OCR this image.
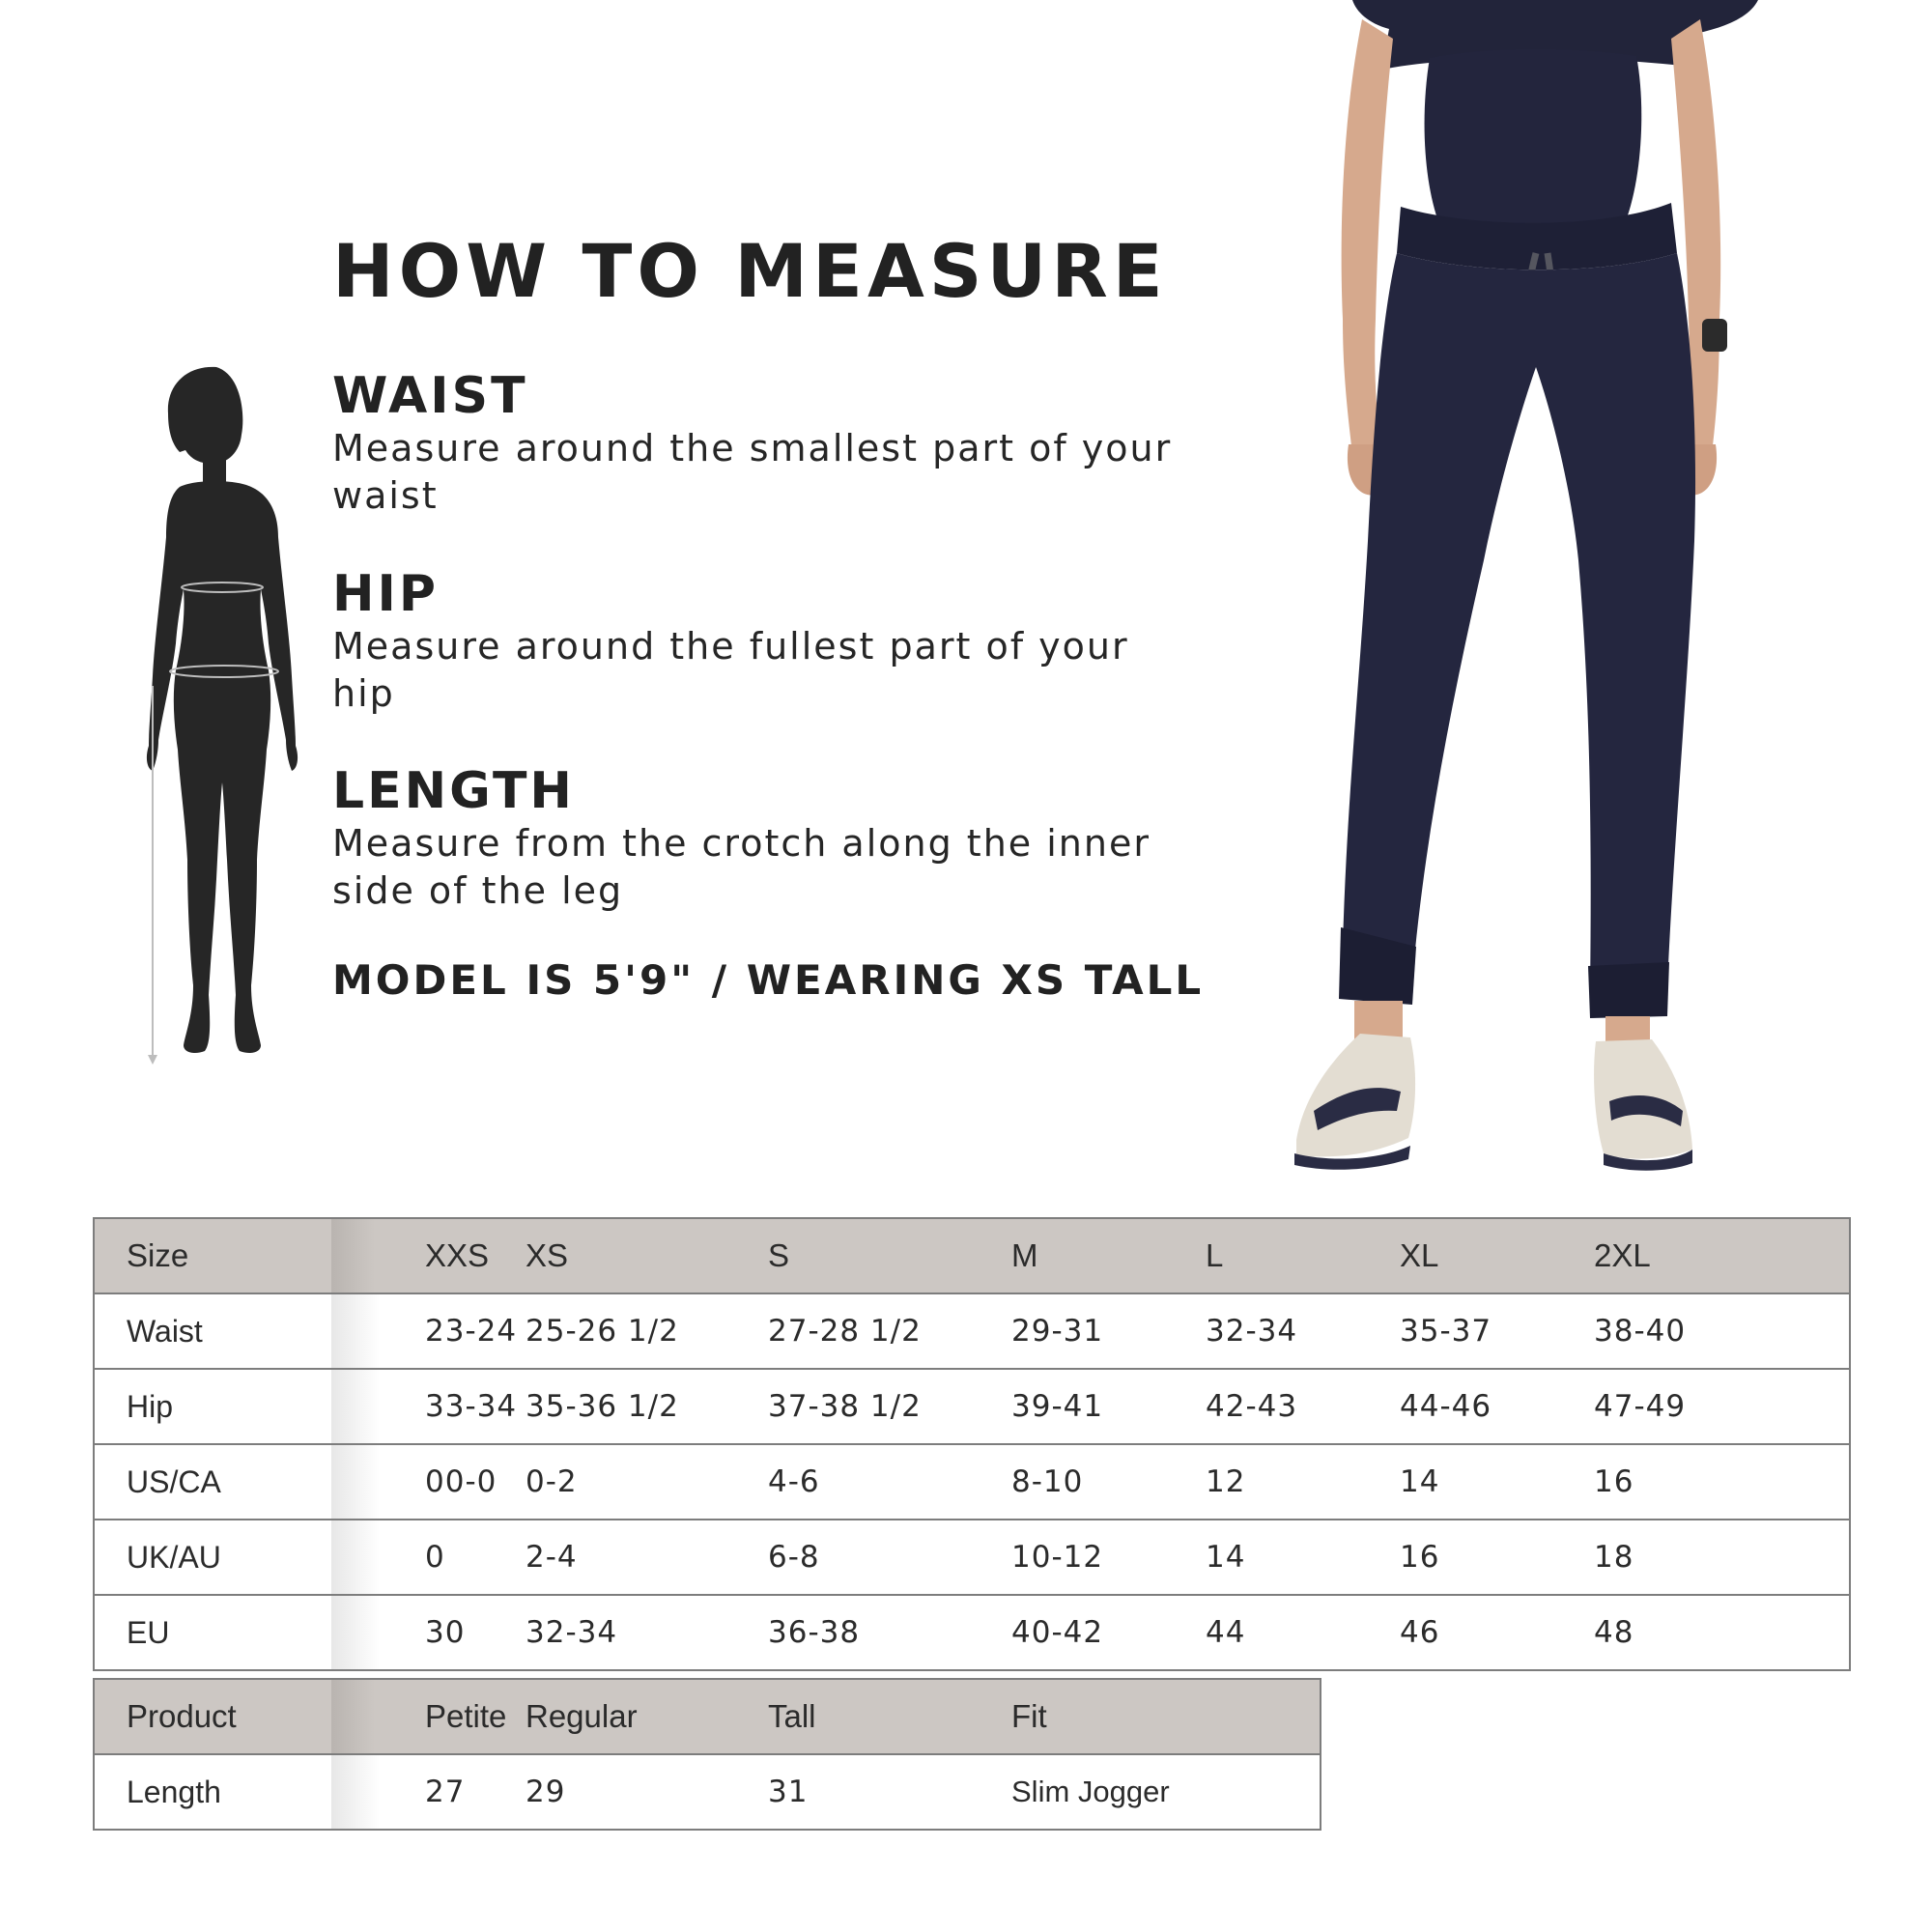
HOW TO MEASURE
WAIST

Measure around the smallest part of your waist

HIP

Measure around the fullest part of your hip

LENGTH

Measure from the crotch along the inner side of the leg

MODEL IS 5'9" / WEARING XS TALL

Size	XXS	XS	S	M	L	XL	2XL
Waist	23-24	25-26 1/2	27-28 1/2	29-31	32-34	35-37	38-40
Hip	33-34	35-36 1/2	37-38 1/2	39-41	42-43	44-46	47-49
US/CA	00-0	0-2	4-6	8-10	12	14	16
UK/AU	0	2-4	6-8	10-12	14	16	18
EU	30	32-34	36-38	40-42	44	46	48
Product	Petite	Regular	Tall	Fit
Length	27	29	31	Slim Jogger
